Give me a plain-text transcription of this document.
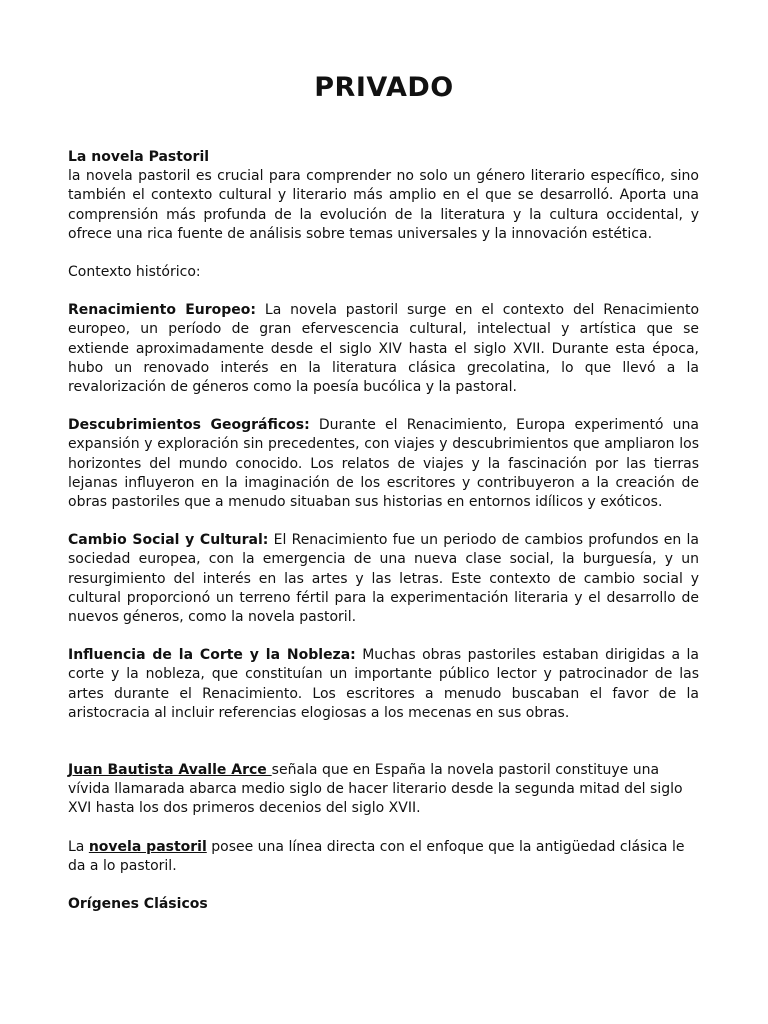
PRIVADO

La novela Pastoril

la novela pastoril es crucial para comprender no solo un género literario específico, sino también el contexto cultural y literario más amplio en el que se desarrolló. Aporta una comprensión más profunda de la evolución de la literatura y la cultura occidental, y ofrece una rica fuente de análisis sobre temas universales y la innovación estética.

Contexto histórico:

Renacimiento Europeo: La novela pastoril surge en el contexto del Renacimiento europeo, un período de gran efervescencia cultural, intelectual y artística que se extiende aproximadamente desde el siglo XIV hasta el siglo XVII. Durante esta época, hubo un renovado interés en la literatura clásica grecolatina, lo que llevó a la revalorización de géneros como la poesía bucólica y la pastoral.

Descubrimientos Geográficos: Durante el Renacimiento, Europa experimentó una expansión y exploración sin precedentes, con viajes y descubrimientos que ampliaron los horizontes del mundo conocido. Los relatos de viajes y la fascinación por las tierras lejanas influyeron en la imaginación de los escritores y contribuyeron a la creación de obras pastoriles que a menudo situaban sus historias en entornos idílicos y exóticos.

Cambio Social y Cultural: El Renacimiento fue un periodo de cambios profundos en la sociedad europea, con la emergencia de una nueva clase social, la burguesía, y un resurgimiento del interés en las artes y las letras. Este contexto de cambio social y cultural proporcionó un terreno fértil para la experimentación literaria y el desarrollo de nuevos géneros, como la novela pastoril.

Influencia de la Corte y la Nobleza: Muchas obras pastoriles estaban dirigidas a la corte y la nobleza, que constituían un importante público lector y patrocinador de las artes durante el Renacimiento. Los escritores a menudo buscaban el favor de la aristocracia al incluir referencias elogiosas a los mecenas en sus obras.

Juan Bautista Avalle Arce señala que en España la novela pastoril constituye una vívida llamarada abarca medio siglo de hacer literario desde la segunda mitad del siglo XVI hasta los dos primeros decenios del siglo XVII.

La novela pastoril posee una línea directa con el enfoque que la antigüedad clásica le da a lo pastoril.

Orígenes Clásicos
